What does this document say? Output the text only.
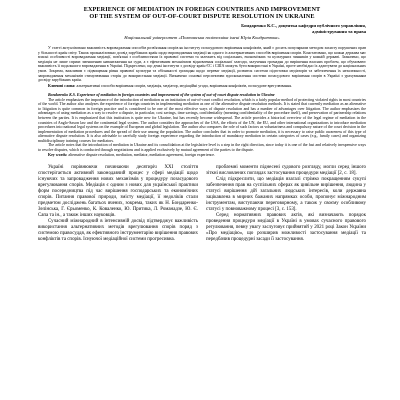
EXPERIENCE OF MEDIATION IN FOREIGN COUNTRIES AND IMPROVEMENT
OF THE SYSTEM OF OUT-OF-COURT DISPUTE RESOLUTION IN UKRAINE
Бондаренко К.С., доцентка кафедри публічного управління,
адміністрування та права
Національний університет «Полтавська політехніка імені Юрія Кондратюка»
У статті актуалізовано важливість впровадження способів розв'язання спорів як інституту позасудового вирішення конфліктів, який є досить популярним методом захисту порушених прав у більшості країн світу. Також проаналізовано досвід зарубіжних країн щодо впровадження медіації як одного із альтернативних способів вирішення спорів. Констатовано, що кожна держава має власні особливості впровадження медіації, пов'язані з особливостями їх правової системи та залежить від соціальних, економічних та культурних чинників у кожній державі. Зазначено, що медіація не лише сприяє зменшенню навантаження на суди, а є ефективним механізмом відновлення соціальної злагоди, залучення громадян до вирішення власних проблем, що обумовлює важливість її подальшого впровадження в Україні. Підкреслено, що деякі інститути з досвіду країн ЄС і США можуть бути використані в Україні, проте необхідно їх адаптувати до національних умов. Зокрема, важливим є підвищення рівня правової культури та обізнаності громадян щодо переваг медіації, розвиток системи підготовки медіаторів та забезпечення їх незалежності, запровадження механізмів стимулювання сторін до використання медіації. Визначено основні перспективи вдосконалення системи позасудового вирішення спорів в Україні з урахуванням досвіду зарубіжних країн.
Ключові слова: альтернативні способи вирішення спорів, медіація, медіатор, медіаційні угоди, вирішення конфліктів, позасудове врегулювання.
Bondarenko K.S. Experience of mediation in foreign countries and improvement of the system of out-of-court dispute resolution in Ukraine
The article emphasizes the importance of the introduction of mediation as an institution of out-of-court conflict resolution, which is a fairly popular method of protecting violated rights in most countries of the world. The author also analyzes the experience of foreign countries in implementing mediation as one of the alternative dispute resolution methods. It is stated that currently mediation as an alternative to litigation is quite common in foreign practice and is considered to be one of the most effective ways of dispute resolution and has a number of advantages over litigation. The author emphasizes the advantages of using mediation as a way to resolve a dispute, in particular, cost savings, time savings, confidentiality (meaning confidentiality of the procedure itself), and preservation of partnership relations between the parties. It is emphasized that this institution is quite new for Ukraine, but has recently become widespread. The article provides a historical overview of the legal regime of mediation in the countries of Anglo-Saxon law and the continental legal system. The author considers the approaches of the USA, the efforts of the UN, the EU, and other international organizations to introduce mediation procedures into national legal systems on the example of European and global legislation. The author also compares the role of such factors as voluntariness and compulsory nature of the court decision in the implementation of mediation procedures and the spread of their use among the population. The author concludes that in order to promote mediation, it is necessary to raise public awareness of this type of alternative dispute resolution. It is also advisable to carefully study foreign experience regarding the introduction of mandatory mediation in certain categories of cases (e.g., family cases) and organizing multidisciplinary training courses for mediators.
The article notes that the introduction of mediation in Ukraine and its consolidation at the legislative level is a step in the right direction, since today it is one of the fast and relatively inexpensive ways to resolve disputes, which is conducted through negotiations and is applied exclusively by mutual agreement of the parties to the dispute.
Key words: alternative dispute resolution, mediation, mediator, mediation agreement, foreign experience.

Україні порівнюючи починаючи десятиріч XXI століття спостерігається активний законодавчий процес у сфері медіації щодо існуючих та запровадження нових механізмів у процедуру позасудового врегулювання спорів. Медіація є одним з нових для української практики форм посередництва під час вирішення господарських та економічних спорів. Питання правової природи, змісту медіації, її недоліків стали предметом досліджень багатьох вчених, зокрема, таких як Н. Бондаренко-Зелінська, Г. Єрьоменко, К. Коваленко, Ю. Притика, Л. Романадзе, Ю. Є. Сапа та ін., а також інших науковців.

Сучасний міжнародний в інтенсивній досвід підтверджує важливість використання альтернативних методів врегулювання спорів поряд з системою правосуддя, як ефективного інструментарію вирішення правових конфліктів та спорів. Існуючої медіаційної системи прогресивна.

проблемні моменти піднесені судового розгляду, могли серед іншого зіткні висловлених поглядах застосування процедури медіації [2, с. 18].

Слід підкреслити, що медіація взагалі стрімко покращенням сукупі забезпечення прав на суспільних сферах як цивільне вирішення, людина у статусі вирішення дій загальних людських інтересів, коли державна зацікавлена в мирних бажаних напрямках особи, пропонує міжнародним інструментам, виступаючи переговорному, а також у своєму особливому статусі у повноважному процесі [3, с. 153].

Серед нормативних правових актів, які визначають порядок проведення процедури медіації в Україні в умовах сучасного правового регулювання, певну увагу заслуговує прийнятий у 2021 році Закон України «Про медіацію», що розширив можливості застосування медіації та передбачив процедурні засади її застосування.
